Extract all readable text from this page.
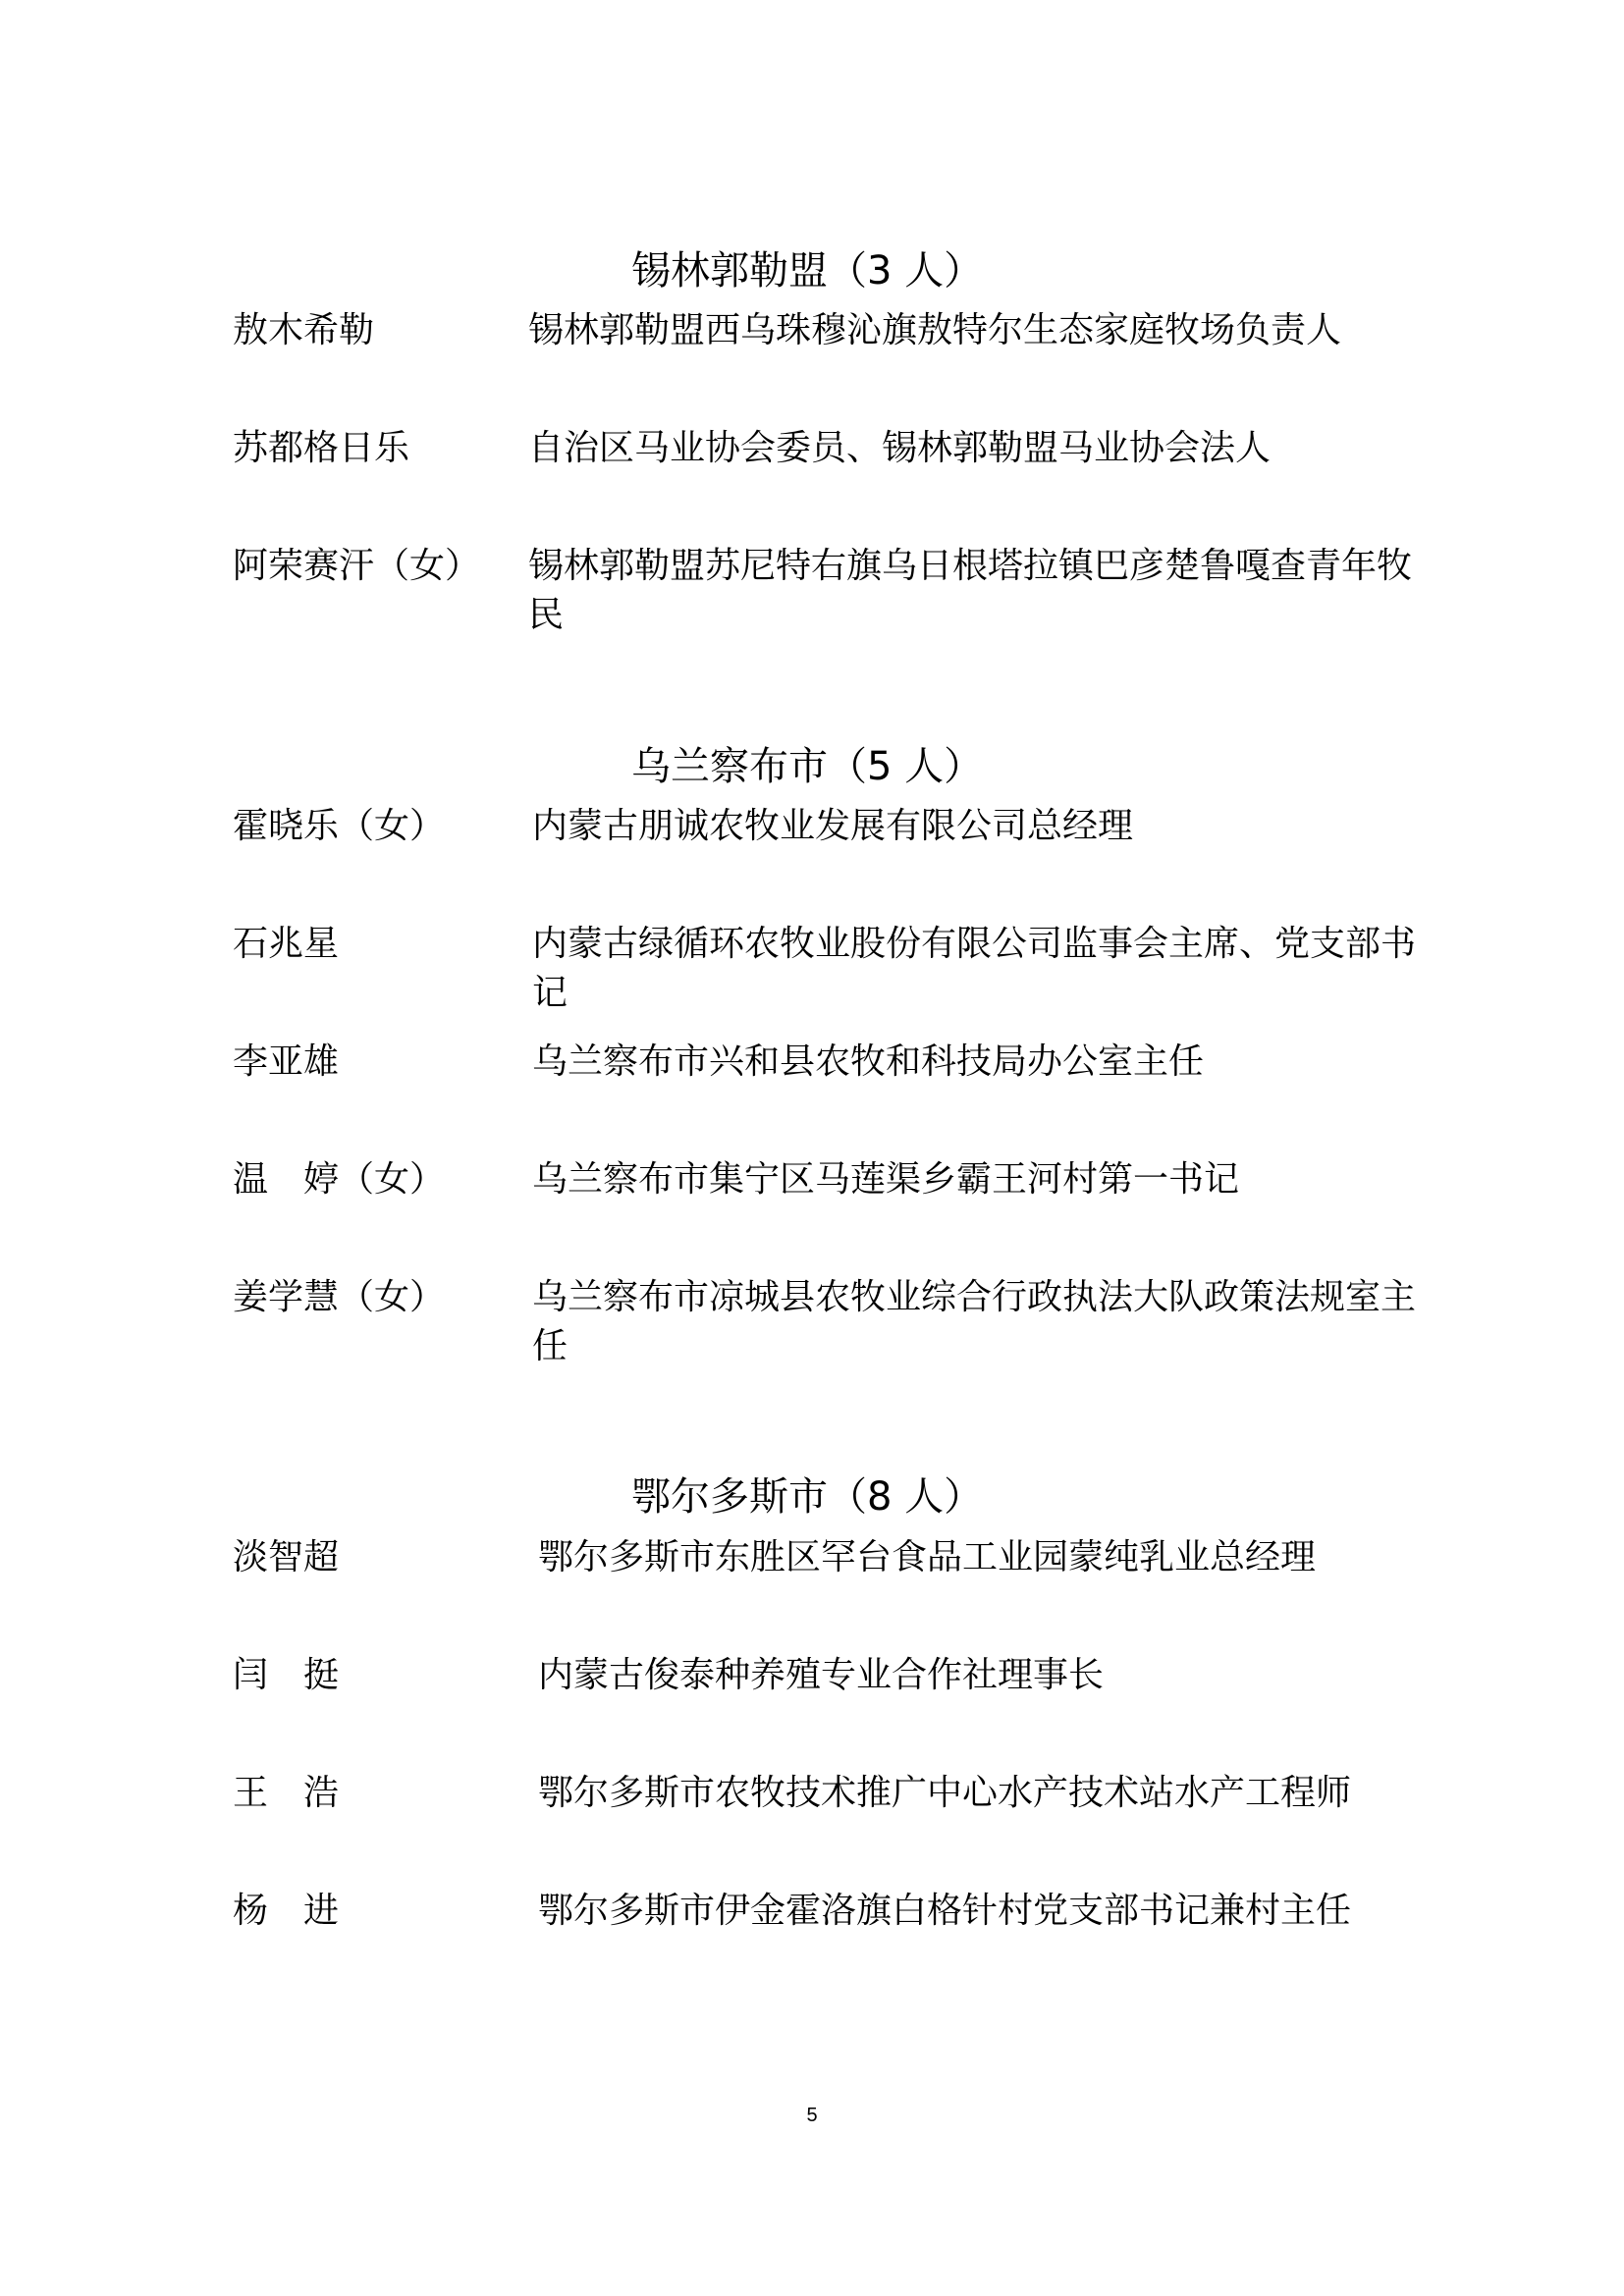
锡林郭勒盟（3 人）
敖木希勒	锡林郭勒盟西乌珠穆沁旗敖特尔生态家庭牧场负责人
苏都格日乐	自治区马业协会委员、锡林郭勒盟马业协会法人
阿荣赛汗（女） 锡林郭勒盟苏尼特右旗乌日根塔拉镇巴彦楚鲁嘎查青年牧民
乌兰察布市（5 人）
霍晓乐（女） 内蒙古朋诚农牧业发展有限公司总经理
石兆星	内蒙古绿循环农牧业股份有限公司监事会主席、党支部书记
李亚雄	乌兰察布市兴和县农牧和科技局办公室主任
温　婷（女） 乌兰察布市集宁区马莲渠乡霸王河村第一书记
姜学慧（女） 乌兰察布市凉城县农牧业综合行政执法大队政策法规室主任
鄂尔多斯市（8 人）
淡智超	鄂尔多斯市东胜区罕台食品工业园蒙纯乳业总经理
闫　挺	内蒙古俊泰种养殖专业合作社理事长
王　浩	鄂尔多斯市农牧技术推广中心水产技术站水产工程师
杨　进	鄂尔多斯市伊金霍洛旗白格针村党支部书记兼村主任
5
